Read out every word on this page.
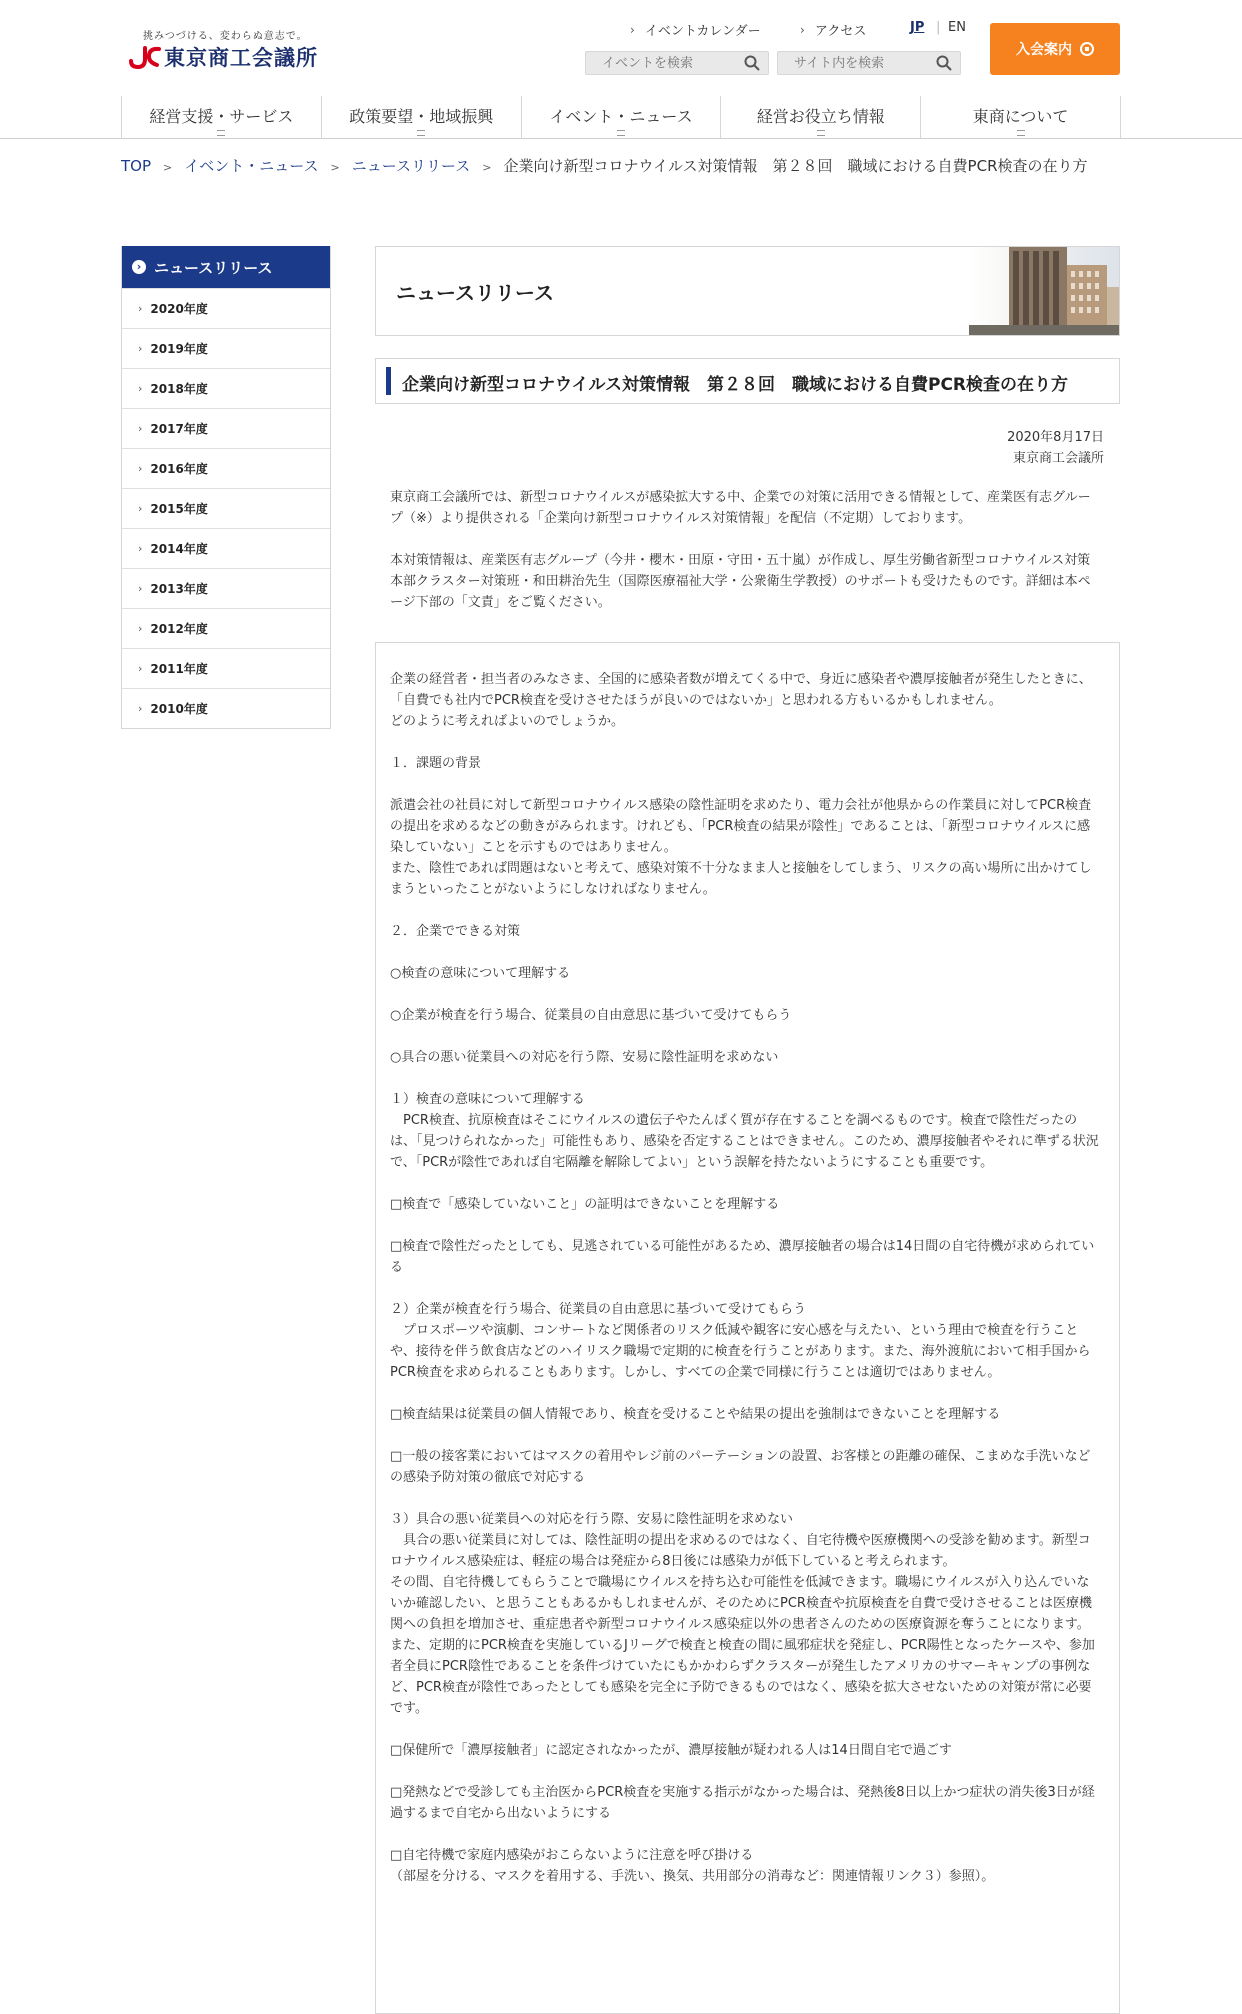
挑みつづける、変わらぬ意志で。
東京商工会議所
› イベントカレンダー	› アクセス	JP | EN
イベントを検索
サイト内を検索
入会案内
経営支援・サービス	政策要望・地域振興	イベント・ニュース	経営お役立ち情報	東商について
TOP > イベント・ニュース > ニュースリリース > 企業向け新型コロナウイルス対策情報　第２８回　職域における自費PCR検査の在り方
› ニュースリリース
› 2020年度
› 2019年度
› 2018年度
› 2017年度
› 2016年度
› 2015年度
› 2014年度
› 2013年度
› 2012年度
› 2011年度
› 2010年度
ニュースリリース
企業向け新型コロナウイルス対策情報　第２８回　職域における自費PCR検査の在り方
2020年8月17日
東京商工会議所

東京商工会議所では、新型コロナウイルスが感染拡大する中、企業での対策に活用できる情報として、産業医有志グループ（※）より提供される「企業向け新型コロナウイルス対策情報」を配信（不定期）しております。

本対策情報は、産業医有志グループ（今井・櫻木・田原・守田・五十嵐）が作成し、厚生労働省新型コロナウイルス対策本部クラスター対策班・和田耕治先生（国際医療福祉大学・公衆衛生学教授）のサポートも受けたものです。詳細は本ページ下部の「文責」をご覧ください。

企業の経営者・担当者のみなさま、全国的に感染者数が増えてくる中で、身近に感染者や濃厚接触者が発生したときに、「自費でも社内でPCR検査を受けさせたほうが良いのではないか」と思われる方もいるかもしれません。
どのように考えればよいのでしょうか。

１．課題の背景

派遣会社の社員に対して新型コロナウイルス感染の陰性証明を求めたり、電力会社が他県からの作業員に対してPCR検査の提出を求めるなどの動きがみられます。けれども、「PCR検査の結果が陰性」であることは、「新型コロナウイルスに感染していない」ことを示すものではありません。
また、陰性であれば問題はないと考えて、感染対策不十分なまま人と接触をしてしまう、リスクの高い場所に出かけてしまうといったことがないようにしなければなりません。

２．企業でできる対策

○検査の意味について理解する

○企業が検査を行う場合、従業員の自由意思に基づいて受けてもらう

○具合の悪い従業員への対応を行う際、安易に陰性証明を求めない

１）検査の意味について理解する
　PCR検査、抗原検査はそこにウイルスの遺伝子やたんぱく質が存在することを調べるものです。検査で陰性だったのは、「見つけられなかった」可能性もあり、感染を否定することはできません。このため、濃厚接触者やそれに準ずる状況で、「PCRが陰性であれば自宅隔離を解除してよい」という誤解を持たないようにすることも重要です。

□検査で「感染していないこと」の証明はできないことを理解する

□検査で陰性だったとしても、見逃されている可能性があるため、濃厚接触者の場合は14日間の自宅待機が求められている

２）企業が検査を行う場合、従業員の自由意思に基づいて受けてもらう
　プロスポーツや演劇、コンサートなど関係者のリスク低減や観客に安心感を与えたい、という理由で検査を行うことや、接待を伴う飲食店などのハイリスク職場で定期的に検査を行うことがあります。また、海外渡航において相手国からPCR検査を求められることもあります。しかし、すべての企業で同様に行うことは適切ではありません。

□検査結果は従業員の個人情報であり、検査を受けることや結果の提出を強制はできないことを理解する

□一般の接客業においてはマスクの着用やレジ前のパーテーションの設置、お客様との距離の確保、こまめな手洗いなどの感染予防対策の徹底で対応する

３）具合の悪い従業員への対応を行う際、安易に陰性証明を求めない
　具合の悪い従業員に対しては、陰性証明の提出を求めるのではなく、自宅待機や医療機関への受診を勧めます。新型コロナウイルス感染症は、軽症の場合は発症から8日後には感染力が低下していると考えられます。
その間、自宅待機してもらうことで職場にウイルスを持ち込む可能性を低減できます。職場にウイルスが入り込んでいないか確認したい、と思うこともあるかもしれませんが、そのためにPCR検査や抗原検査を自費で受けさせることは医療機関への負担を増加させ、重症患者や新型コロナウイルス感染症以外の患者さんのための医療資源を奪うことになります。
また、定期的にPCR検査を実施しているJリーグで検査と検査の間に風邪症状を発症し、PCR陽性となったケースや、参加者全員にPCR陰性であることを条件づけていたにもかかわらずクラスターが発生したアメリカのサマーキャンプの事例など、PCR検査が陰性であったとしても感染を完全に予防できるものではなく、感染を拡大させないための対策が常に必要です。

□保健所で「濃厚接触者」に認定されなかったが、濃厚接触が疑われる人は14日間自宅で過ごす

□発熱などで受診しても主治医からPCR検査を実施する指示がなかった場合は、発熱後8日以上かつ症状の消失後3日が経過するまで自宅から出ないようにする

□自宅待機で家庭内感染がおこらないように注意を呼び掛ける
（部屋を分ける、マスクを着用する、手洗い、換気、共用部分の消毒など：関連情報リンク３）参照）。
